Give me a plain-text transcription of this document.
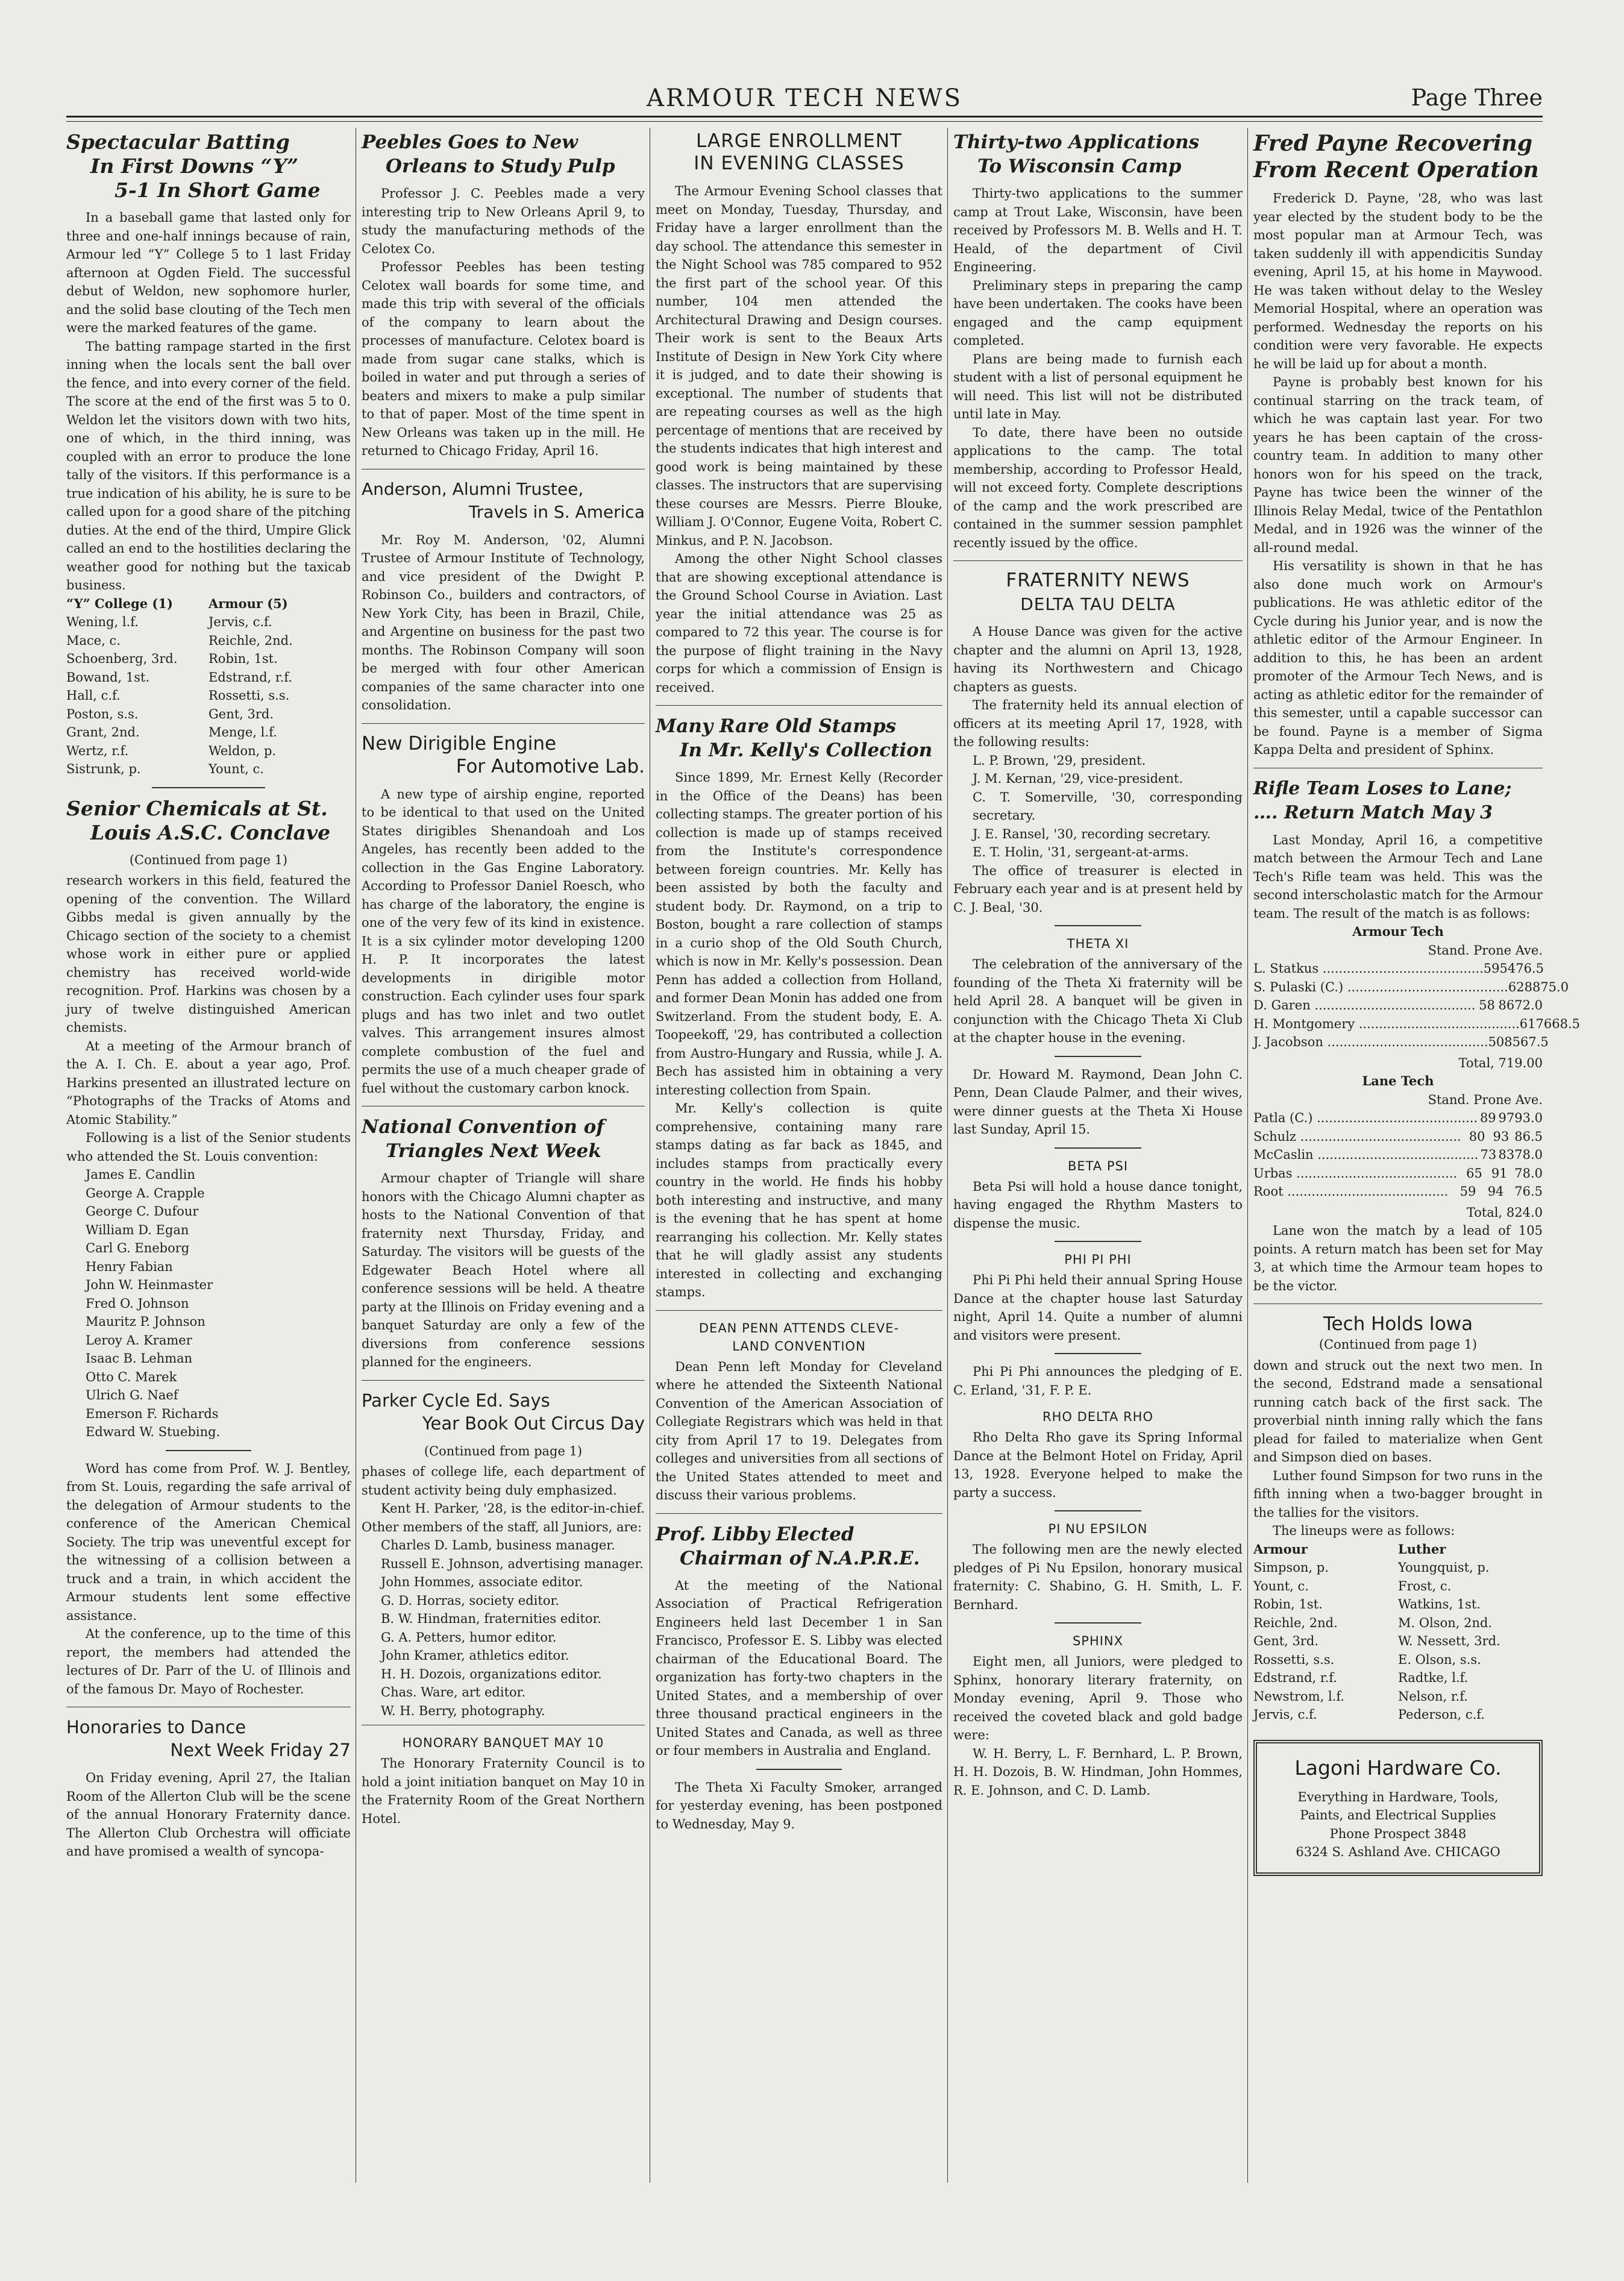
ARMOUR TECH NEWS	Page Three
Spectacular Batting
In First Downs “Y”
5-1 In Short Game

In a baseball game that lasted only for three and one-half innings because of rain, Armour led “Y” College 5 to 1 last Friday afternoon at Ogden Field. The successful debut of Weldon, new sophomore hurler, and the solid base clouting of the Tech men were the marked features of the game.

The batting rampage started in the first inning when the locals sent the ball over the fence, and into every corner of the field. The score at the end of the first was 5 to 0. Weldon let the visitors down with two hits, one of which, in the third inning, was coupled with an error to produce the lone tally of the visitors. If this performance is a true indication of his ability, he is sure to be called upon for a good share of the pitching duties. At the end of the third, Umpire Glick called an end to the hostilities declaring the weather good for nothing but the taxicab business.

“Y” College (1)	Armour (5)
Wening, l.f.	Jervis, c.f.
Mace, c.	Reichle, 2nd.
Schoenberg, 3rd.	Robin, 1st.
Bowand, 1st.	Edstrand, r.f.
Hall, c.f.	Rossetti, s.s.
Poston, s.s.	Gent, 3rd.
Grant, 2nd.	Menge, l.f.
Wertz, r.f.	Weldon, p.
Sistrunk, p.	Yount, c.
Senior Chemicals at St.
Louis A.S.C. Conclave
(Continued from page 1)

research workers in this field, featured the opening of the convention. The Willard Gibbs medal is given annually by the Chicago section of the society to a chemist whose work in either pure or applied chemistry has received world-wide recognition. Prof. Harkins was chosen by a jury of twelve distinguished American chemists.

At a meeting of the Armour branch of the A. I. Ch. E. about a year ago, Prof. Harkins presented an illustrated lecture on “Photographs of the Tracks of Atoms and Atomic Stability.”

Following is a list of the Senior students who attended the St. Louis convention:

James E. Candlin
George A. Crapple
George C. Dufour
William D. Egan
Carl G. Eneborg
Henry Fabian
John W. Heinmaster
Fred O. Johnson
Mauritz P. Johnson
Leroy A. Kramer
Isaac B. Lehman
Otto C. Marek
Ulrich G. Naef
Emerson F. Richards
Edward W. Stuebing.

Word has come from Prof. W. J. Bentley, from St. Louis, regarding the safe arrival of the delegation of Armour students to the conference of the American Chemical Society. The trip was uneventful except for the witnessing of a collision between a truck and a train, in which accident the Armour students lent some effective assistance.

At the conference, up to the time of this report, the members had attended the lectures of Dr. Parr of the U. of Illinois and of the famous Dr. Mayo of Rochester.

Honoraries to Dance
Next Week Friday 27

On Friday evening, April 27, the Italian Room of the Allerton Club will be the scene of the annual Honorary Fraternity dance. The Allerton Club Orchestra will officiate and have promised a wealth of syncopa-

Peebles Goes to New
Orleans to Study Pulp

Professor J. C. Peebles made a very interesting trip to New Orleans April 9, to study the manufacturing methods of the Celotex Co.

Professor Peebles has been testing Celotex wall boards for some time, and made this trip with several of the officials of the company to learn about the processes of manufacture. Celotex board is made from sugar cane stalks, which is boiled in water and put through a series of beaters and mixers to make a pulp similar to that of paper. Most of the time spent in New Orleans was taken up in the mill. He returned to Chicago Friday, April 16.

Anderson, Alumni Trustee,
Travels in S. America

Mr. Roy M. Anderson, '02, Alumni Trustee of Armour Institute of Technology, and vice president of the Dwight P. Robinson Co., builders and contractors, of New York City, has been in Brazil, Chile, and Argentine on business for the past two months. The Robinson Company will soon be merged with four other American companies of the same character into one consolidation.

New Dirigible Engine
For Automotive Lab.

A new type of airship engine, reported to be identical to that used on the United States dirigibles Shenandoah and Los Angeles, has recently been added to the collection in the Gas Engine Laboratory. According to Professor Daniel Roesch, who has charge of the laboratory, the engine is one of the very few of its kind in existence. It is a six cylinder motor developing 1200 H. P. It incorporates the latest developments in dirigible motor construction. Each cylinder uses four spark plugs and has two inlet and two outlet valves. This arrangement insures almost complete combustion of the fuel and permits the use of a much cheaper grade of fuel without the customary carbon knock.

National Convention of
Triangles Next Week

Armour chapter of Triangle will share honors with the Chicago Alumni chapter as hosts to the National Convention of that fraternity next Thursday, Friday, and Saturday. The visitors will be guests of the Edgewater Beach Hotel where all conference sessions will be held. A theatre party at the Illinois on Friday evening and a banquet Saturday are only a few of the diversions from conference sessions planned for the engineers.

Parker Cycle Ed. Says
Year Book Out Circus Day
(Continued from page 1)

phases of college life, each department of student activity being duly emphasized.

Kent H. Parker, '28, is the editor-in-chief. Other members of the staff, all Juniors, are:

Charles D. Lamb, business manager.

Russell E. Johnson, advertising manager.

John Hommes, associate editor.
G. D. Horras, society editor.
B. W. Hindman, fraternities editor.
G. A. Petters, humor editor.
John Kramer, athletics editor.
H. H. Dozois, organizations editor.
Chas. Ware, art editor.
W. H. Berry, photography.
HONORARY BANQUET MAY 10

The Honorary Fraternity Council is to hold a joint initiation banquet on May 10 in the Fraternity Room of the Great Northern Hotel.

LARGE ENROLLMENT
IN EVENING CLASSES

The Armour Evening School classes that meet on Monday, Tuesday, Thursday, and Friday have a larger enrollment than the day school. The attendance this semester in the Night School was 785 compared to 952 the first part of the school year. Of this number, 104 men attended the Architectural Drawing and Design courses. Their work is sent to the Beaux Arts Institute of Design in New York City where it is judged, and to date their showing is exceptional. The number of students that are repeating courses as well as the high percentage of mentions that are received by the students indicates that high interest and good work is being maintained by these classes. The instructors that are supervising these courses are Messrs. Pierre Blouke, William J. O'Connor, Eugene Voita, Robert C. Minkus, and P. N. Jacobson.

Among the other Night School classes that are showing exceptional attendance is the Ground School Course in Aviation. Last year the initial attendance was 25 as compared to 72 this year. The course is for the purpose of flight training in the Navy corps for which a commission of Ensign is received.

Many Rare Old Stamps
In Mr. Kelly's Collection

Since 1899, Mr. Ernest Kelly (Recorder in the Office of the Deans) has been collecting stamps. The greater portion of his collection is made up of stamps received from the Institute's correspondence between foreign countries. Mr. Kelly has been assisted by both the faculty and student body. Dr. Raymond, on a trip to Boston, bought a rare collection of stamps in a curio shop of the Old South Church, which is now in Mr. Kelly's possession. Dean Penn has added a collection from Holland, and former Dean Monin has added one from Switzerland. From the student body, E. A. Toopeekoff, '29, has contributed a collection from Austro-Hungary and Russia, while J. A. Bech has assisted him in obtaining a very interesting collection from Spain.

Mr. Kelly's collection is quite comprehensive, containing many rare stamps dating as far back as 1845, and includes stamps from practically every country in the world. He finds his hobby both interesting and instructive, and many is the evening that he has spent at home rearranging his collection. Mr. Kelly states that he will gladly assist any students interested in collecting and exchanging stamps.

DEAN PENN ATTENDS CLEVE-
LAND CONVENTION

Dean Penn left Monday for Cleveland where he attended the Sixteenth National Convention of the American Association of Collegiate Registrars which was held in that city from April 17 to 19. Delegates from colleges and universities from all sections of the United States attended to meet and discuss their various problems.

Prof. Libby Elected
Chairman of N.A.P.R.E.

At the meeting of the National Association of Practical Refrigeration Engineers held last December 1 in San Francisco, Professor E. S. Libby was elected chairman of the Educational Board. The organization has forty-two chapters in the United States, and a membership of over three thousand practical engineers in the United States and Canada, as well as three or four members in Australia and England.

The Theta Xi Faculty Smoker, arranged for yesterday evening, has been postponed to Wednesday, May 9.

Thirty-two Applications
To Wisconsin Camp

Thirty-two applications to the summer camp at Trout Lake, Wisconsin, have been received by Professors M. B. Wells and H. T. Heald, of the department of Civil Engineering.

Preliminary steps in preparing the camp have been undertaken. The cooks have been engaged and the camp equipment completed.

Plans are being made to furnish each student with a list of personal equipment he will need. This list will not be distributed until late in May.

To date, there have been no outside applications to the camp. The total membership, according to Professor Heald, will not exceed forty. Complete descriptions of the camp and the work prescribed are contained in the summer session pamphlet recently issued by the office.

FRATERNITY NEWS
DELTA TAU DELTA

A House Dance was given for the active chapter and the alumni on April 13, 1928, having its Northwestern and Chicago chapters as guests.

The fraternity held its annual election of officers at its meeting April 17, 1928, with the following results:

L. P. Brown, '29, president.
J. M. Kernan, '29, vice-president.
C. T. Somerville, '30, corresponding secretary.
J. E. Ransel, '30, recording secretary.
E. T. Holin, '31, sergeant-at-arms.

The office of treasurer is elected in February each year and is at present held by C. J. Beal, '30.

THETA XI

The celebration of the anniversary of the founding of the Theta Xi fraternity will be held April 28. A banquet will be given in conjunction with the Chicago Theta Xi Club at the chapter house in the evening.

Dr. Howard M. Raymond, Dean John C. Penn, Dean Claude Palmer, and their wives, were dinner guests at the Theta Xi House last Sunday, April 15.

BETA PSI

Beta Psi will hold a house dance tonight, having engaged the Rhythm Masters to dispense the music.

PHI PI PHI

Phi Pi Phi held their annual Spring House Dance at the chapter house last Saturday night, April 14. Quite a number of alumni and visitors were present.

Phi Pi Phi announces the pledging of E. C. Erland, '31, F. P. E.

RHO DELTA RHO

Rho Delta Rho gave its Spring Informal Dance at the Belmont Hotel on Friday, April 13, 1928. Everyone helped to make the party a success.

PI NU EPSILON

The following men are the newly elected pledges of Pi Nu Epsilon, honorary musical fraternity: C. Shabino, G. H. Smith, L. F. Bernhard.

SPHINX

Eight men, all Juniors, were pledged to Sphinx, honorary literary fraternity, on Monday evening, April 9. Those who received the coveted black and gold badge were:

W. H. Berry, L. F. Bernhard, L. P. Brown, H. H. Dozois, B. W. Hindman, John Hommes, R. E. Johnson, and C. D. Lamb.

Fred Payne Recovering
From Recent Operation

Frederick D. Payne, '28, who was last year elected by the student body to be the most popular man at Armour Tech, was taken suddenly ill with appendicitis Sunday evening, April 15, at his home in Maywood. He was taken without delay to the Wesley Memorial Hospital, where an operation was performed. Wednesday the reports on his condition were very favorable. He expects he will be laid up for about a month.

Payne is probably best known for his continual starring on the track team, of which he was captain last year. For two years he has been captain of the cross-country team. In addition to many other honors won for his speed on the track, Payne has twice been the winner of the Illinois Relay Medal, twice of the Pentathlon Medal, and in 1926 was the winner of the all-round medal.

His versatility is shown in that he has also done much work on Armour's publications. He was athletic editor of the Cycle during his Junior year, and is now the athletic editor of the Armour Engineer. In addition to this, he has been an ardent promoter of the Armour Tech News, and is acting as athletic editor for the remainder of this semester, until a capable successor can be found. Payne is a member of Sigma Kappa Delta and president of Sphinx.

Rifle Team Loses to Lane;
…. Return Match May 3

Last Monday, April 16, a competitive match between the Armour Tech and Lane Tech's Rifle team was held. This was the second interscholastic match for the Armour team. The result of the match is as follows:

Armour Tech
Stand. Prone Ave.
L. Statkus ........................................ 59 54 76.5
S. Pulaski (C.) ........................................ 62 88 75.0
D. Garen ........................................ 58 86 72.0
H. Montgomery ........................................ 61 76 68.5
J. Jacobson ........................................ 50 85 67.5
Total, 719.00
Lane Tech
Stand. Prone Ave.
Patla (C.) ........................................ 89 97 93.0
Schulz ........................................ 80 93 86.5
McCaslin ........................................ 73 83 78.0
Urbas ........................................ 65 91 78.0
Root ........................................ 59 94 76.5
Total, 824.0

Lane won the match by a lead of 105 points. A return match has been set for May 3, at which time the Armour team hopes to be the victor.

Tech Holds Iowa
(Continued from page 1)

down and struck out the next two men. In the second, Edstrand made a sensational running catch back of the first sack. The proverbial ninth inning rally which the fans plead for failed to materialize when Gent and Simpson died on bases.

Luther found Simpson for two runs in the fifth inning when a two-bagger brought in the tallies for the visitors.

The lineups were as follows:

Armour	Luther
Simpson, p.	Youngquist, p.
Yount, c.	Frost, c.
Robin, 1st.	Watkins, 1st.
Reichle, 2nd.	M. Olson, 2nd.
Gent, 3rd.	W. Nessett, 3rd.
Rossetti, s.s.	E. Olson, s.s.
Edstrand, r.f.	Radtke, l.f.
Newstrom, l.f.	Nelson, r.f.
Jervis, c.f.	Pederson, c.f.
Lagoni Hardware Co.
Everything in Hardware, Tools,
Paints, and Electrical Supplies
Phone Prospect 3848
6324 S. Ashland Ave. CHICAGO
